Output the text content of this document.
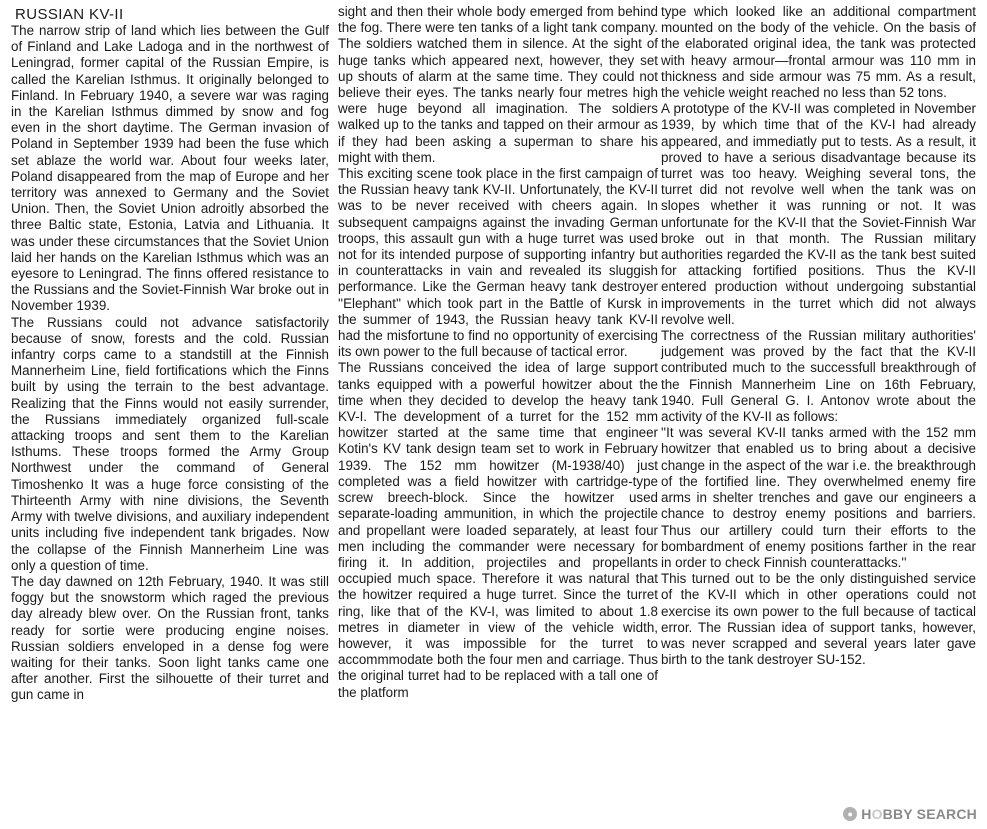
RUSSIAN KV-II

The narrow strip of land which lies between the Gulf of Finland and Lake Ladoga and in the northwest of Leningrad, former capital of the Russian Empire, is called the Karelian Isthmus. It originally belonged to Finland. In February 1940, a severe war was raging in the Karelian Isthmus dimmed by snow and fog even in the short daytime. The German invasion of Poland in September 1939 had been the fuse which set ablaze the world war. About four weeks later, Poland disappeared from the map of Europe and her territory was annexed to Germany and the Soviet Union. Then, the Soviet Union adroitly absorbed the three Baltic state, Estonia, Latvia and Lithuania. It was under these circumstances that the Soviet Union laid her hands on the Karelian Isthmus which was an eyesore to Leningrad. The finns offered resistance to the Russians and the Soviet-Finnish War broke out in November 1939.

The Russians could not advance satisfactorily because of snow, forests and the cold. Russian infantry corps came to a standstill at the Finnish Mannerheim Line, field fortifications which the Finns built by using the terrain to the best advantage. Realizing that the Finns would not easily surrender, the Russians immediately organized full-scale attacking troops and sent them to the Karelian Isthums. These troops formed the Army Group Northwest under the command of General Timoshenko It was a huge force consisting of the Thirteenth Army with nine divisions, the Seventh Army with twelve divisions, and auxiliary independent units including five independent tank brigades. Now the collapse of the Finnish Mannerheim Line was only a question of time.

The day dawned on 12th February, 1940. It was still foggy but the snowstorm which raged the previous day already blew over. On the Russian front, tanks ready for sortie were producing engine noises. Russian soldiers enveloped in a dense fog were waiting for their tanks. Soon light tanks came one after another. First the silhouette of their turret and gun came in

sight and then their whole body emerged from behind the fog. There were ten tanks of a light tank company. The soldiers watched them in silence. At the sight of huge tanks which appeared next, however, they set up shouts of alarm at the same time. They could not believe their eyes. The tanks nearly four metres high were huge beyond all imagination. The soldiers walked up to the tanks and tapped on their armour as if they had been asking a superman to share his might with them.

This exciting scene took place in the first campaign of the Russian heavy tank KV-II. Unfortunately, the KV-II was to be never received with cheers again. In subsequent campaigns against the invading German troops, this assault gun with a huge turret was used not for its intended purpose of supporting infantry but in counterattacks in vain and revealed its sluggish performance. Like the German heavy tank destroyer ''Elephant'' which took part in the Battle of Kursk in the summer of 1943, the Russian heavy tank KV-II had the misfortune to find no opportunity of exercising its own power to the full because of tactical error.

The Russians conceived the idea of large support tanks equipped with a powerful howitzer about the time when they decided to develop the heavy tank KV-I. The development of a turret for the 152 mm howitzer started at the same time that engineer Kotin's KV tank design team set to work in February 1939. The 152 mm howitzer (M-1938/40) just completed was a field howitzer with cartridge-type screw breech-block. Since the howitzer used separate-loading ammunition, in which the projectile and propellant were loaded separately, at least four men including the commander were necessary for firing it. In addition, projectiles and propellants occupied much space. Therefore it was natural that the howitzer required a huge turret. Since the turret ring, like that of the KV-I, was limited to about 1.8 metres in diameter in view of the vehicle width, however, it was impossible for the turret to accommmodate both the four men and carriage. Thus the original turret had to be replaced with a tall one of the platform

type which looked like an additional compartment mounted on the body of the vehicle. On the basis of the elaborated original idea, the tank was protected with heavy armour—frontal armour was 110 mm in thickness and side armour was 75 mm. As a result, the vehicle weight reached no less than 52 tons.

A prototype of the KV-II was completed in November 1939, by which time that of the KV-I had already appeared, and immediatly put to tests. As a result, it proved to have a serious disadvantage because its turret was too heavy. Weighing several tons, the turret did not revolve well when the tank was on slopes whether it was running or not. It was unfortunate for the KV-II that the Soviet-Finnish War broke out in that month. The Russian military authorities regarded the KV-II as the tank best suited for attacking fortified positions. Thus the KV-II entered production without undergoing substantial improvements in the turret which did not always revolve well.

The correctness of the Russian military authorities' judgement was proved by the fact that the KV-II contributed much to the successfull breakthrough of the Finnish Mannerheim Line on 16th February, 1940. Full General G. I. Antonov wrote about the activity of the KV-II as follows:

''It was several KV-II tanks armed with the 152 mm howitzer that enabled us to bring about a decisive change in the aspect of the war i.e. the breakthrough of the fortified line. They overwhelmed enemy fire arms in shelter trenches and gave our engineers a chance to destroy enemy positions and barriers. Thus our artillery could turn their efforts to the bombardment of enemy positions farther in the rear in order to check Finnish counterattacks.''

This turned out to be the only distinguished service of the KV-II which in other operations could not exercise its own power to the full because of tactical error. The Russian idea of support tanks, however, was never scrapped and several years later gave birth to the tank destroyer SU-152.

● HOBBY SEARCH
